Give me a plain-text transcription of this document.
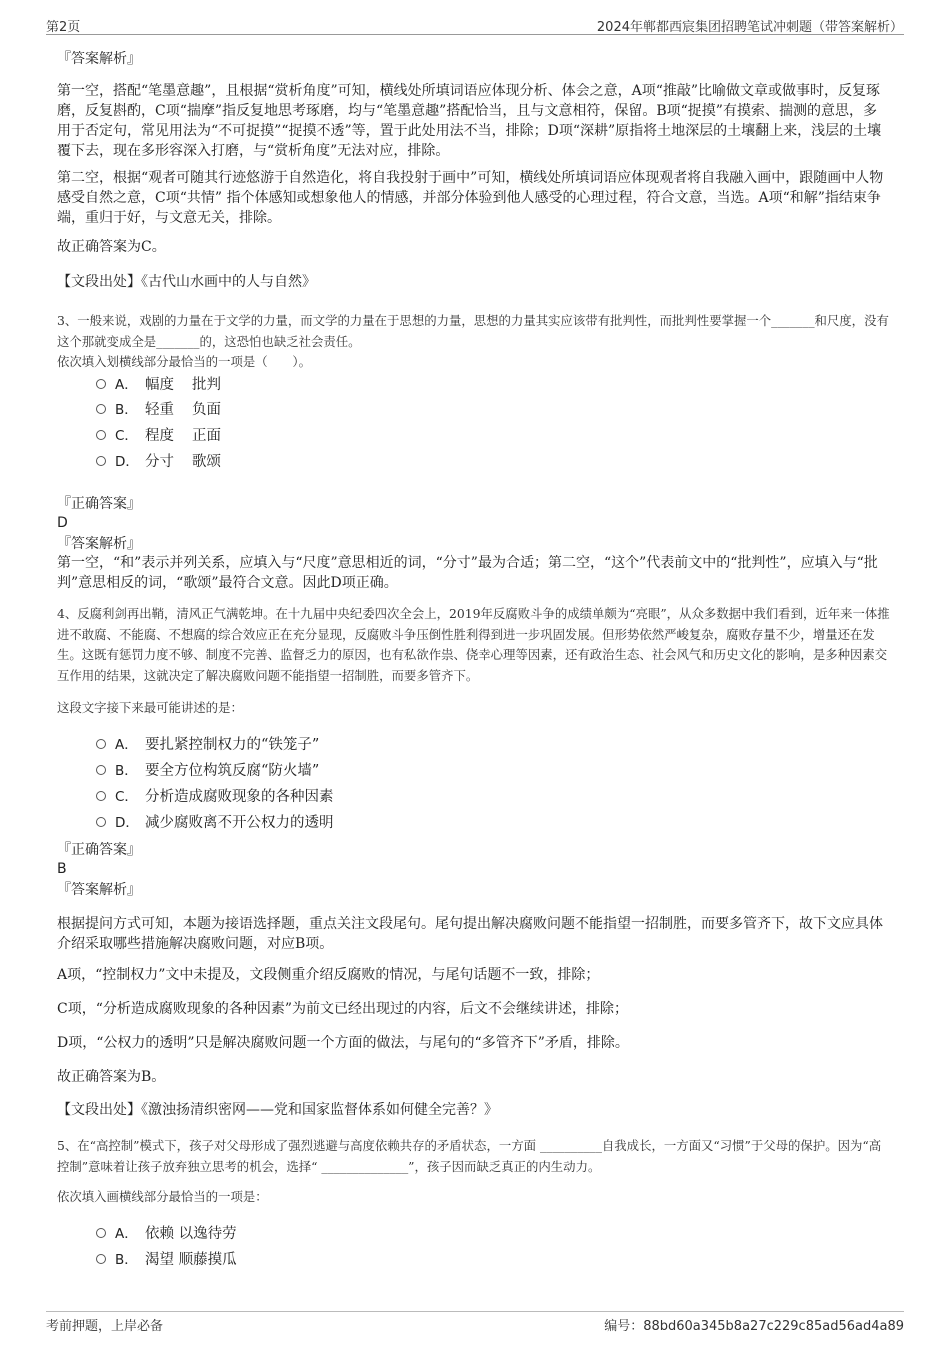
第2页	2024年郸都西宸集团招聘笔试冲刺题（带答案解析）
『答案解析』

第一空，搭配“笔墨意趣”，且根据“赏析角度”可知，横线处所填词语应体现分析、体会之意，A项“推敲”比喻做文章或做事时，反复琢磨，反复斟酌，C项“揣摩”指反复地思考琢磨，均与“笔墨意趣”搭配恰当，且与文意相符，保留。B项“捉摸”有摸索、揣测的意思，多用于否定句，常见用法为“不可捉摸”“捉摸不透”等，置于此处用法不当，排除；D项“深耕”原指将土地深层的土壤翻上来，浅层的土壤覆下去，现在多形容深入打磨，与“赏析角度”无法对应，排除。

第二空，根据“观者可随其行迹悠游于自然造化，将自我投射于画中”可知，横线处所填词语应体现观者将自我融入画中，跟随画中人物感受自然之意，C项“共情” 指个体感知或想象他人的情感，并部分体验到他人感受的心理过程，符合文意，当选。A项“和解”指结束争端，重归于好，与文意无关，排除。

故正确答案为C。

【文段出处】《古代山水画中的人与自然》

3、一般来说，戏剧的力量在于文学的力量，而文学的力量在于思想的力量，思想的力量其实应该带有批判性，而批判性要掌握一个_______和尺度，没有这个那就变成全是_______的，这恐怕也缺乏社会责任。

依次填入划横线部分最恰当的一项是（　　）。

A． 幅度 批判
B． 轻重 负面
C． 程度 正面
D． 分寸 歌颂
『正确答案』
D
『答案解析』

第一空，“和”表示并列关系，应填入与“尺度”意思相近的词，“分寸”最为合适；第二空，“这个”代表前文中的“批判性”，应填入与“批判”意思相反的词，“歌颂”最符合文意。因此D项正确。

4、反腐利剑再出鞘，清风正气满乾坤。在十九届中央纪委四次全会上，2019年反腐败斗争的成绩单颇为“亮眼”，从众多数据中我们看到，近年来一体推进不敢腐、不能腐、不想腐的综合效应正在充分显现，反腐败斗争压倒性胜利得到进一步巩固发展。但形势依然严峻复杂，腐败存量不少，增量还在发生。这既有惩罚力度不够、制度不完善、监督乏力的原因，也有私欲作祟、侥幸心理等因素，还有政治生态、社会风气和历史文化的影响，是多种因素交互作用的结果，这就决定了解决腐败问题不能指望一招制胜，而要多管齐下。

这段文字接下来最可能讲述的是：

A． 要扎紧控制权力的“铁笼子”
B． 要全方位构筑反腐“防火墙”
C． 分析造成腐败现象的各种因素
D． 减少腐败离不开公权力的透明
『正确答案』
B
『答案解析』

根据提问方式可知，本题为接语选择题，重点关注文段尾句。尾句提出解决腐败问题不能指望一招制胜，而要多管齐下，故下文应具体介绍采取哪些措施解决腐败问题，对应B项。

A项，“控制权力”文中未提及，文段侧重介绍反腐败的情况，与尾句话题不一致，排除；

C项，“分析造成腐败现象的各种因素”为前文已经出现过的内容，后文不会继续讲述，排除；

D项，“公权力的透明”只是解决腐败问题一个方面的做法，与尾句的“多管齐下”矛盾，排除。

故正确答案为B。

【文段出处】《激浊扬清织密网——党和国家监督体系如何健全完善？》

5、在“高控制”模式下，孩子对父母形成了强烈逃避与高度依赖共存的矛盾状态，一方面 __________自我成长，一方面又“习惯”于父母的保护。因为“高控制”意味着让孩子放弃独立思考的机会，选择“ ______________”，孩子因而缺乏真正的内生动力。

依次填入画横线部分最恰当的一项是：

A． 依赖 以逸待劳
B． 渴望 顺藤摸瓜
考前押题，上岸必备	编号：88bd60a345b8a27c229c85ad56ad4a89
